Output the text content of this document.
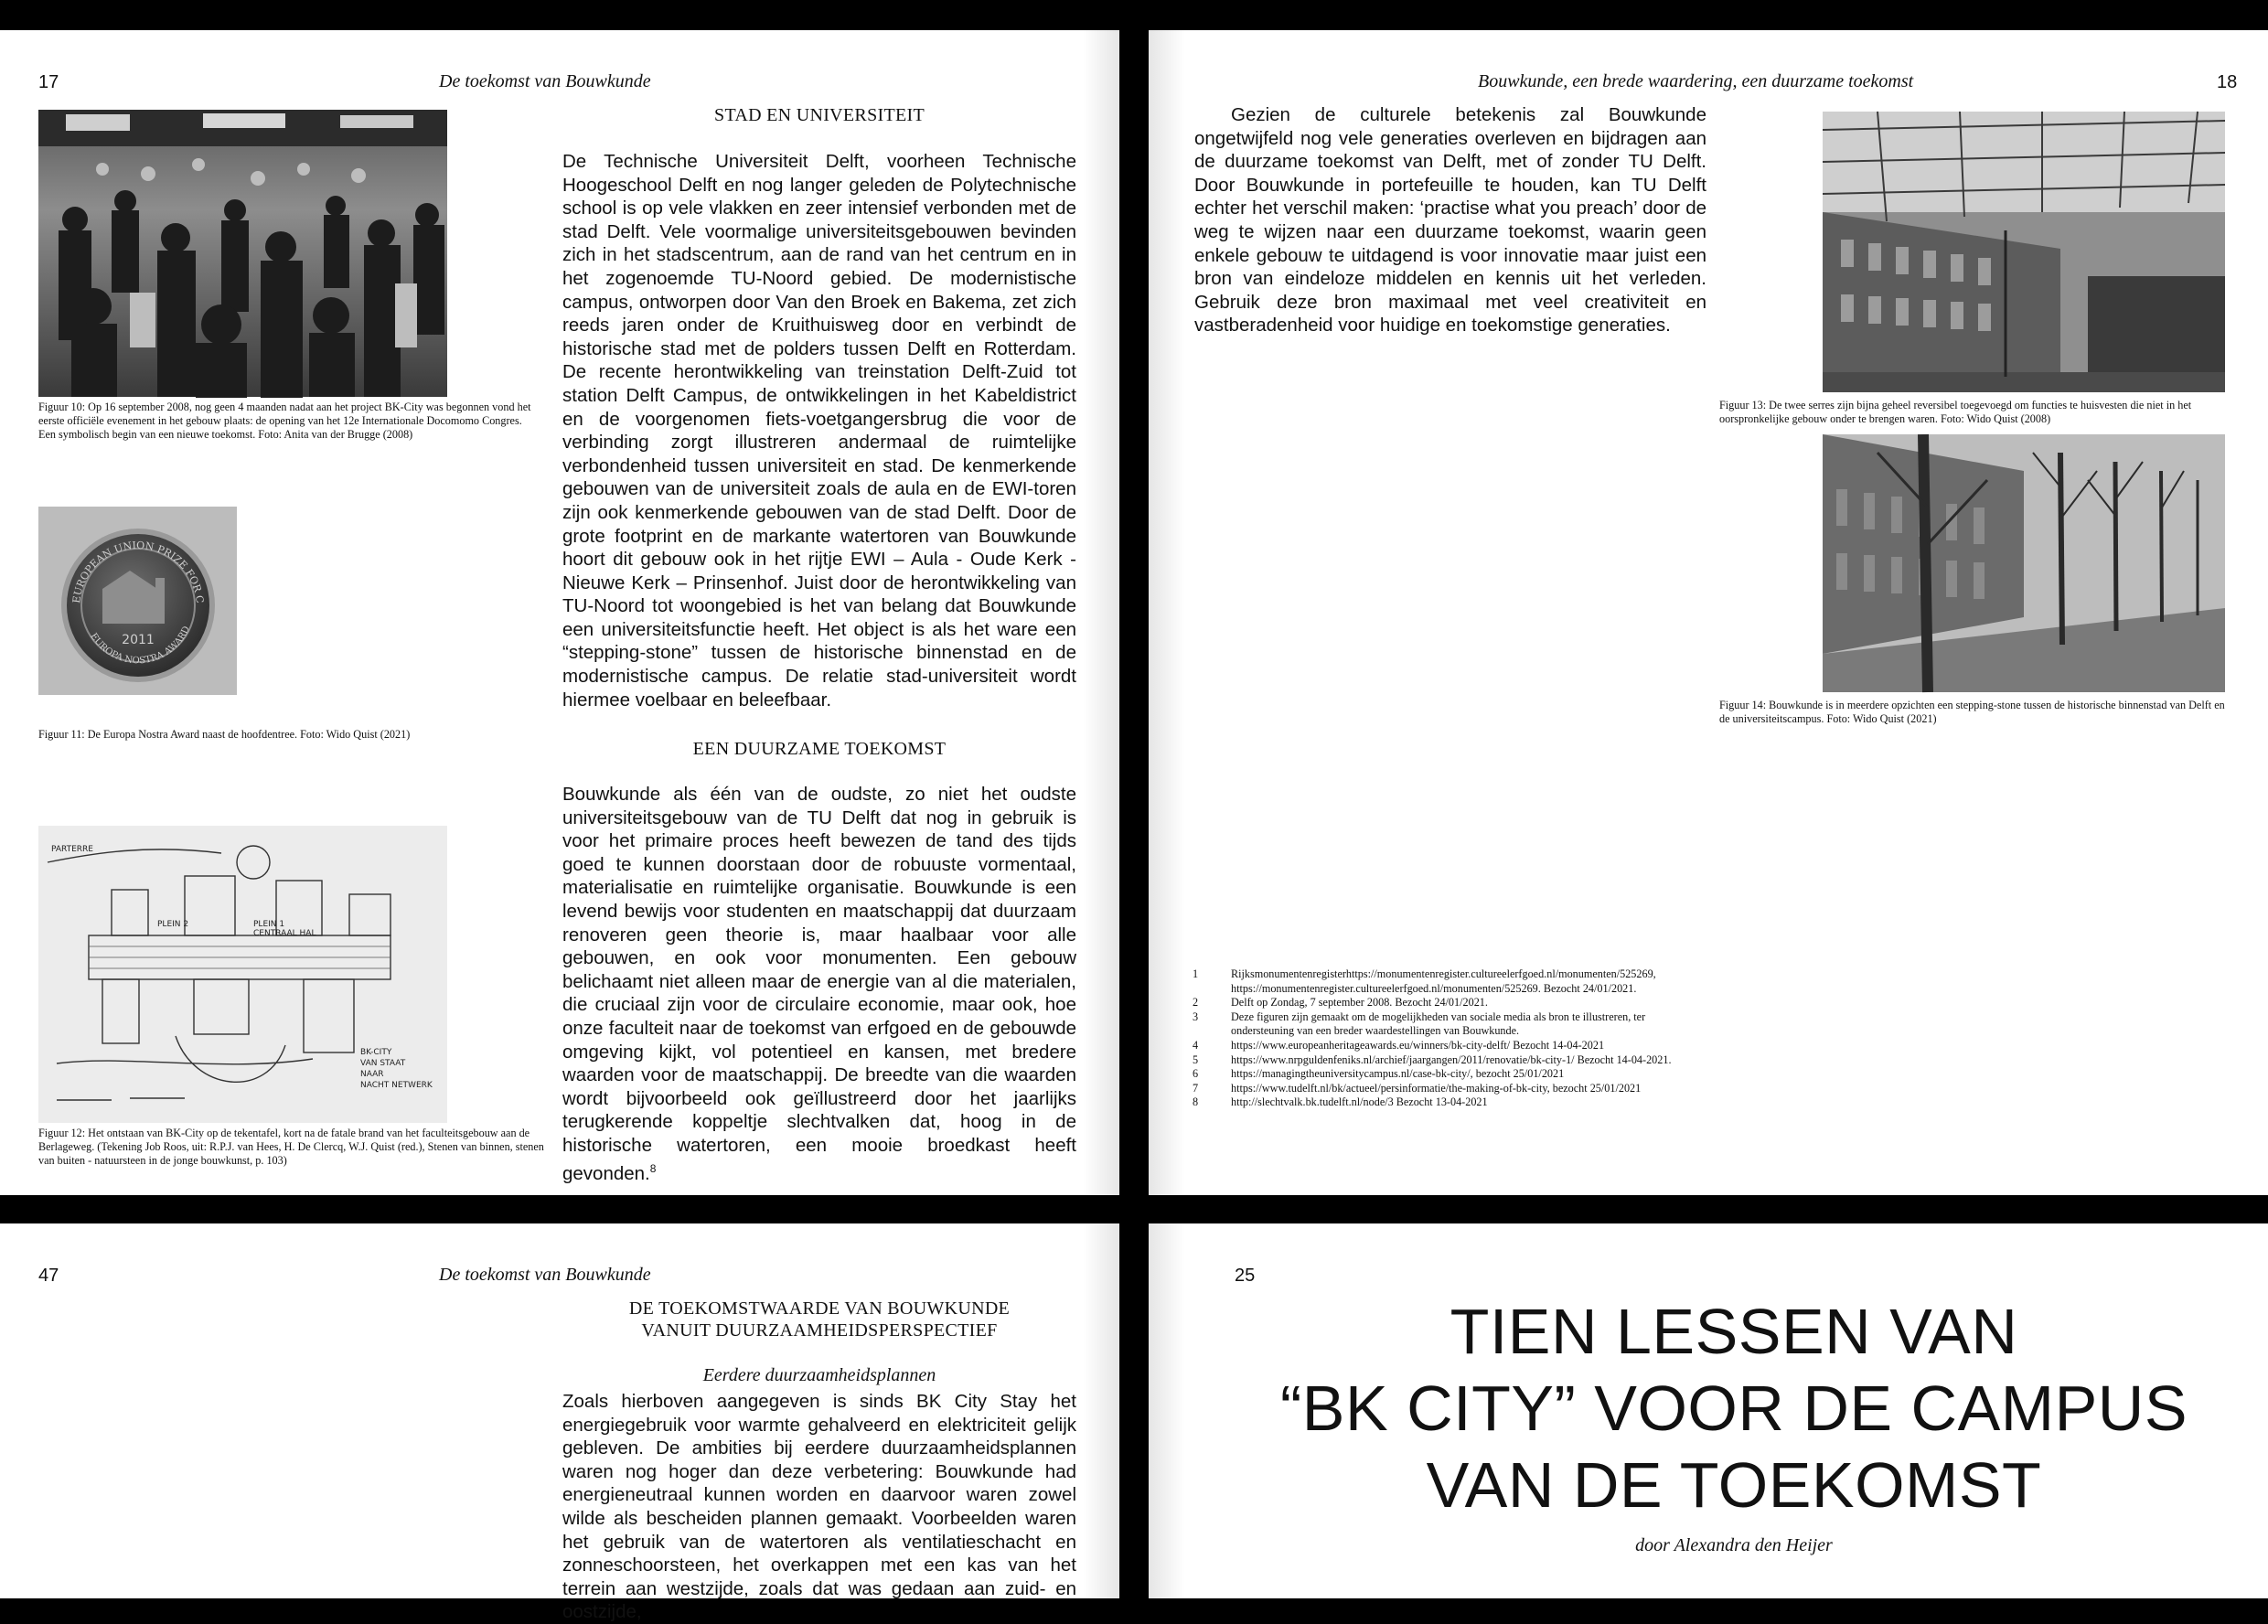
17	De toekomst van Bouwkunde
Figuur 10: Op 16 september 2008, nog geen 4 maanden nadat aan het project BK-City was begonnen vond het eerste officiële evenement in het gebouw plaats: de opening van het 12e Internationale Docomomo Congres. Een symbolisch begin van een nieuwe toekomst. Foto: Anita van der Brugge (2008)
EUROPEAN UNION PRIZE FOR C
EUROPA NOSTRA AWARD
2011
Figuur 11: De Europa Nostra Award naast de hoofdentree. Foto: Wido Quist (2021)
PARTERRE
PLEIN 2	PLEIN 1
CENTRAAL HAL
BK-CITY
VAN STAAT
NAAR
NACHT NETWERK
Figuur 12: Het ontstaan van BK-City op de tekentafel, kort na de fatale brand van het faculteitsgebouw aan de Berlageweg. (Tekening Job Roos, uit: R.P.J. van Hees, H. De Clercq, W.J. Quist (red.), Stenen van binnen, stenen van buiten - natuursteen in de jonge bouwkunst, p. 103)
STAD EN UNIVERSITEIT
De Technische Universiteit Delft, voorheen Technische Hoogeschool Delft en nog langer geleden de Polytechnische school is op vele vlakken en zeer intensief verbonden met de stad Delft. Vele voormalige universiteitsgebouwen bevinden zich in het stadscentrum, aan de rand van het centrum en in het zogenoemde TU-Noord gebied. De modernistische campus, ontworpen door Van den Broek en Bakema, zet zich reeds jaren onder de Kruithuisweg door en verbindt de historische stad met de polders tussen Delft en Rotterdam. De recente herontwikkeling van treinstation Delft-Zuid tot station Delft Campus, de ontwikkelingen in het Kabeldistrict en de voorgenomen fiets-voetgangersbrug die voor de verbinding zorgt illustreren andermaal de ruimtelijke verbondenheid tussen universiteit en stad. De kenmerkende gebouwen van de universiteit zoals de aula en de EWI-toren zijn ook kenmerkende gebouwen van de stad Delft. Door de grote footprint en de markante watertoren van Bouwkunde hoort dit gebouw ook in het rijtje EWI – Aula - Oude Kerk - Nieuwe Kerk – Prinsenhof. Juist door de herontwikkeling van TU-Noord tot woongebied is het van belang dat Bouwkunde een universiteitsfunctie heeft. Het object is als het ware een “stepping-stone” tussen de historische binnenstad en de modernistische campus. De relatie stad-universiteit wordt hiermee voelbaar en beleefbaar.
EEN DUURZAME TOEKOMST
Bouwkunde als één van de oudste, zo niet het oudste universiteitsgebouw van de TU Delft dat nog in gebruik is voor het primaire proces heeft bewezen de tand des tijds goed te kunnen doorstaan door de robuuste vormentaal, materialisatie en ruimtelijke organisatie. Bouwkunde is een levend bewijs voor studenten en maatschappij dat duurzaam renoveren geen theorie is, maar haalbaar voor alle gebouwen, en ook voor monumenten. Een gebouw belichaamt niet alleen maar de energie van al die materialen, die cruciaal zijn voor de circulaire economie, maar ook, hoe onze faculteit naar de toekomst van erfgoed en de gebouwde omgeving kijkt, vol potentieel en kansen, met bredere waarden voor de maatschappij. De breedte van die waarden wordt bijvoorbeeld ook geïllustreerd door het jaarlijks terugkerende koppeltje slechtvalken dat, hoog in de historische watertoren, een mooie broedkast heeft gevonden.$^8$
Bouwkunde, een brede waardering, een duurzame toekomst	18
Gezien de culturele betekenis zal Bouwkunde ongetwijfeld nog vele generaties overleven en bijdragen aan de duurzame toekomst van Delft, met of zonder TU Delft. Door Bouwkunde in portefeuille te houden, kan TU Delft echter het verschil maken: ‘practise what you preach’ door de weg te wijzen naar een duurzame toekomst, waarin geen enkele gebouw te uitdagend is voor innovatie maar juist een bron van eindeloze middelen en kennis uit het verleden. Gebruik deze bron maximaal met veel creativiteit en vastberadenheid voor huidige en toekomstige generaties.
Figuur 13: De twee serres zijn bijna geheel reversibel toegevoegd om functies te huisvesten die niet in het oorspronkelijke gebouw onder te brengen waren. Foto: Wido Quist (2008)
Figuur 14: Bouwkunde is in meerdere opzichten een stepping-stone tussen de historische binnenstad van Delft en de universiteitscampus. Foto: Wido Quist (2021)
1	Rijksmonumentenregisterhttps://monumentenregister.cultureelerfgoed.nl/monumenten/525269, https://monumentenregister.cultureelerfgoed.nl/monumenten/525269. Bezocht 24/01/2021.
2	Delft op Zondag, 7 september 2008. Bezocht 24/01/2021.
3	Deze figuren zijn gemaakt om de mogelijkheden van sociale media als bron te illustreren, ter ondersteuning van een breder waardestellingen van Bouwkunde.
4	https://www.europeanheritageawards.eu/winners/bk-city-delft/ Bezocht 14-04-2021
5	https://www.nrpguldenfeniks.nl/archief/jaargangen/2011/renovatie/bk-city-1/ Bezocht 14-04-2021.
6	https://managingtheuniversitycampus.nl/case-bk-city/, bezocht 25/01/2021
7	https://www.tudelft.nl/bk/actueel/persinformatie/the-making-of-bk-city, bezocht 25/01/2021
8	http://slechtvalk.bk.tudelft.nl/node/3 Bezocht 13-04-2021
47	De toekomst van Bouwkunde
DE TOEKOMSTWAARDE VAN BOUWKUNDE
VANUIT DUURZAAMHEIDSPERSPECTIEF
Eerdere duurzaamheidsplannen
Zoals hierboven aangegeven is sinds BK City Stay het energiegebruik voor warmte gehalveerd en elektriciteit gelijk gebleven. De ambities bij eerdere duurzaamheidsplannen waren nog hoger dan deze verbetering: Bouwkunde had energieneutraal kunnen worden en daarvoor waren zowel wilde als bescheiden plannen gemaakt. Voorbeelden waren het gebruik van de watertoren als ventilatieschacht en zonneschoorsteen, het overkappen met een kas van het terrein aan westzijde, zoals dat was gedaan aan zuid- en oostzijde,
25
TIEN LESSEN VAN
“BK CITY” VOOR DE CAMPUS
VAN DE TOEKOMST
door Alexandra den Heijer
